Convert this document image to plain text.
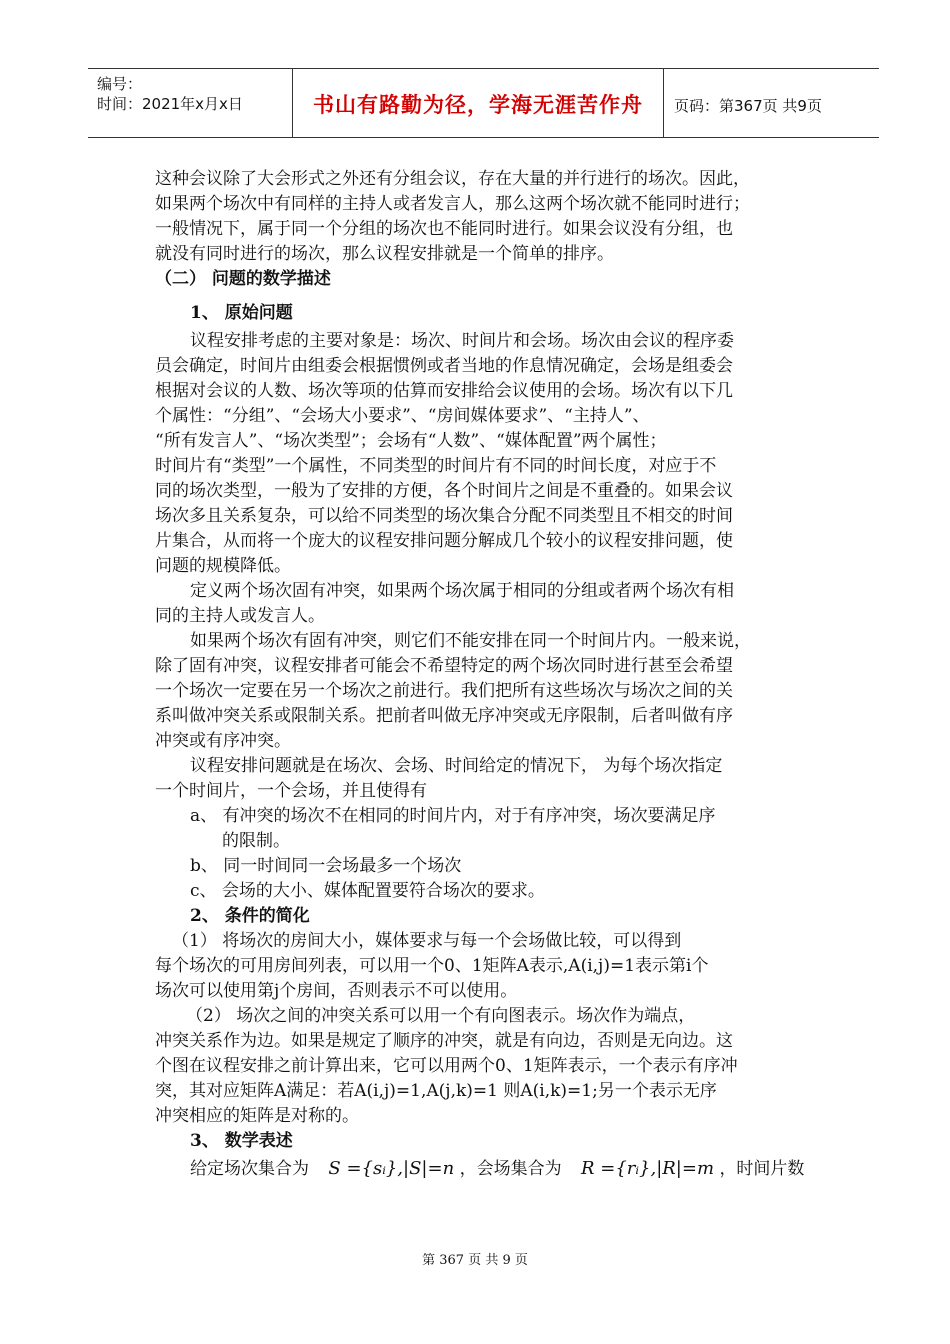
编号：
时间：2021年x月x日	书山有路勤为径，学海无涯苦作舟	页码：第367页 共9页
这种会议除了大会形式之外还有分组会议，存在大量的并行进行的场次。因此，
如果两个场次中有同样的主持人或者发言人，那么这两个场次就不能同时进行；
一般情况下，属于同一个分组的场次也不能同时进行。如果会议没有分组，也
就没有同时进行的场次，那么议程安排就是一个简单的排序。
（二） 问题的数学描述
1、 原始问题
议程安排考虑的主要对象是：场次、时间片和会场。场次由会议的程序委
员会确定，时间片由组委会根据惯例或者当地的作息情况确定，会场是组委会
根据对会议的人数、场次等项的估算而安排给会议使用的会场。场次有以下几
个属性：“分组”、“会场大小要求”、“房间媒体要求”、“主持人”、
“所有发言人”、“场次类型”；会场有“人数”、“媒体配置”两个属性；
时间片有“类型”一个属性，不同类型的时间片有不同的时间长度，对应于不
同的场次类型，一般为了安排的方便，各个时间片之间是不重叠的。如果会议
场次多且关系复杂，可以给不同类型的场次集合分配不同类型且不相交的时间
片集合，从而将一个庞大的议程安排问题分解成几个较小的议程安排问题，使
问题的规模降低。
定义两个场次固有冲突，如果两个场次属于相同的分组或者两个场次有相
同的主持人或发言人。
如果两个场次有固有冲突，则它们不能安排在同一个时间片内。一般来说，
除了固有冲突，议程安排者可能会不希望特定的两个场次同时进行甚至会希望
一个场次一定要在另一个场次之前进行。我们把所有这些场次与场次之间的关
系叫做冲突关系或限制关系。把前者叫做无序冲突或无序限制，后者叫做有序
冲突或有序冲突。
议程安排问题就是在场次、会场、时间给定的情况下， 为每个场次指定
一个时间片，一个会场，并且使得有
a、 有冲突的场次不在相同的时间片内，对于有序冲突，场次要满足序
的限制。
b、 同一时间同一会场最多一个场次
c、 会场的大小、媒体配置要符合场次的要求。
2、 条件的简化
（1） 将场次的房间大小，媒体要求与每一个会场做比较，可以得到
每个场次的可用房间列表，可以用一个0、1矩阵A表示,A(i,j)=1表示第i个
场次可以使用第j个房间，否则表示不可以使用。
（2） 场次之间的冲突关系可以用一个有向图表示。场次作为端点，
冲突关系作为边。如果是规定了顺序的冲突，就是有向边，否则是无向边。这
个图在议程安排之前计算出来，它可以用两个0、1矩阵表示，一个表示有序冲
突，其对应矩阵A满足：若A(i,j)=1,A(j,k)=1 则A(i,k)=1;另一个表示无序
冲突相应的矩阵是对称的。
3、 数学表述
给定场次集合为 S ={sᵢ},|S|=n ，会场集合为 R ={rᵢ},|R|=m ，时间片数
第 367 页 共 9 页
